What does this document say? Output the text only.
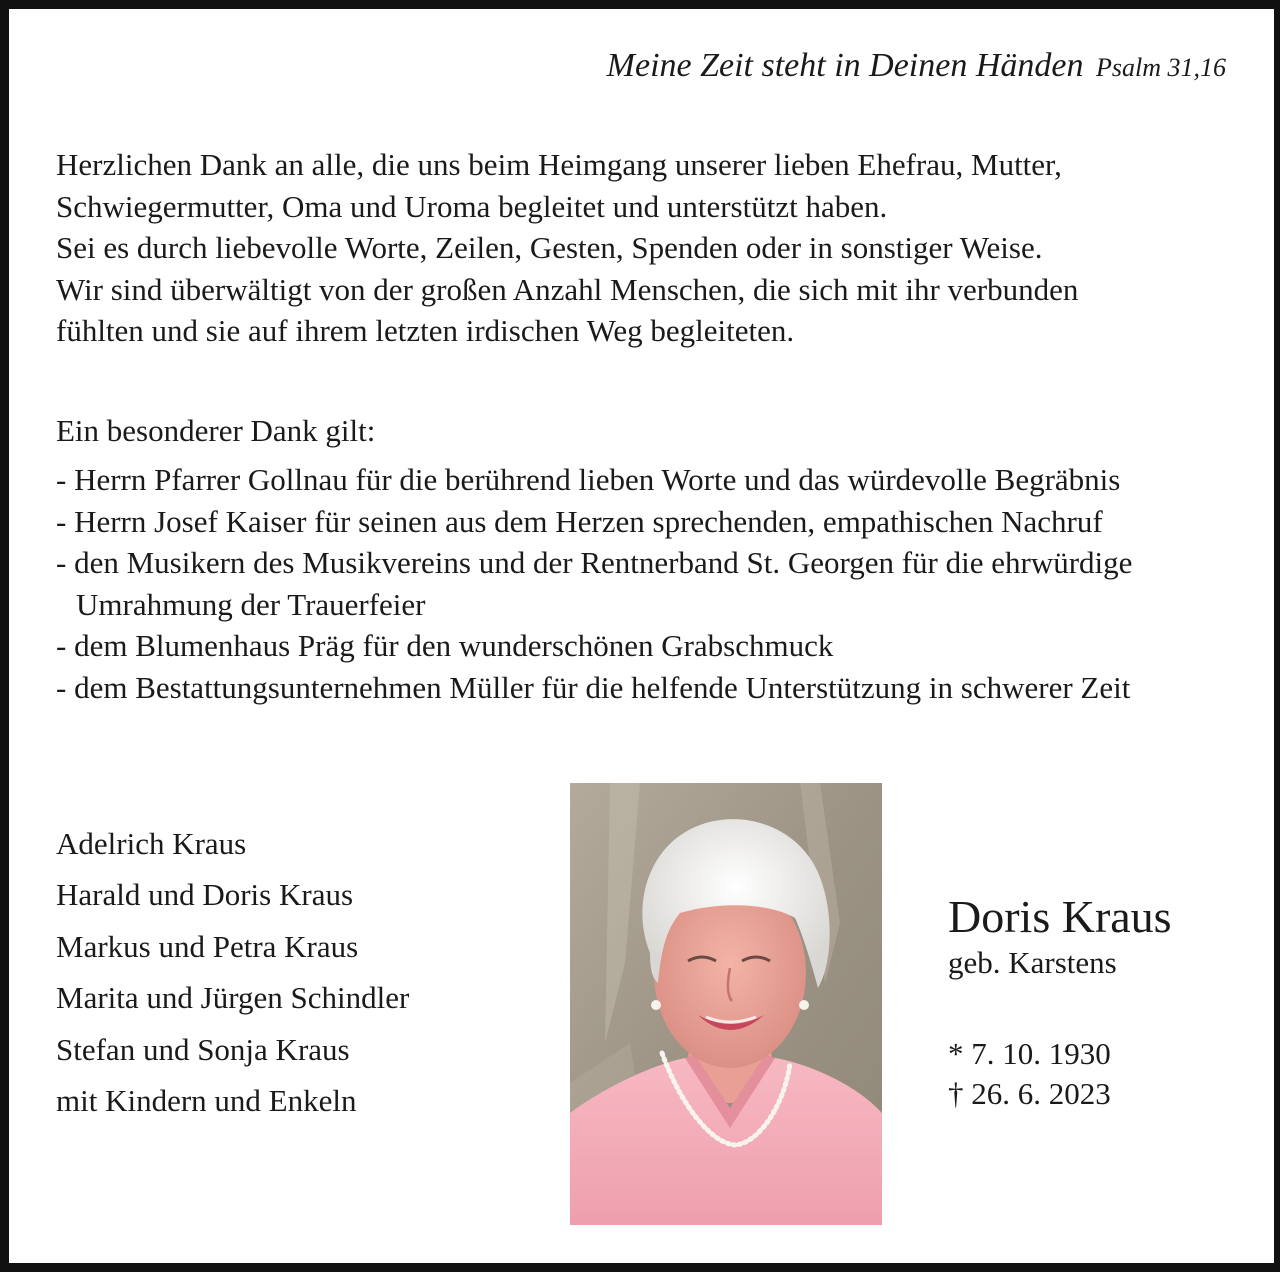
Meine Zeit steht in Deinen Händen Psalm 31,16
Herzlichen Dank an alle, die uns beim Heimgang unserer lieben Ehefrau, Mutter,
Schwiegermutter, Oma und Uroma begleitet und unterstützt haben.
Sei es durch liebevolle Worte, Zeilen, Gesten, Spenden oder in sonstiger Weise.
Wir sind überwältigt von der großen Anzahl Menschen, die sich mit ihr verbunden
fühlten und sie auf ihrem letzten irdischen Weg begleiteten.
Ein besonderer Dank gilt:
- Herrn Pfarrer Gollnau für die berührend lieben Worte und das würdevolle Begräbnis
- Herrn Josef Kaiser für seinen aus dem Herzen sprechenden, empathischen Nachruf
- den Musikern des Musikvereins und der Rentnerband St. Georgen für die ehrwürdige
Umrahmung der Trauerfeier
- dem Blumenhaus Präg für den wunderschönen Grabschmuck
- dem Bestattungsunternehmen Müller für die helfende Unterstützung in schwerer Zeit
Adelrich Kraus
Harald und Doris Kraus
Markus und Petra Kraus
Marita und Jürgen Schindler
Stefan und Sonja Kraus
mit Kindern und Enkeln
Doris Kraus
geb. Karstens
* 7. 10. 1930
† 26. 6. 2023
